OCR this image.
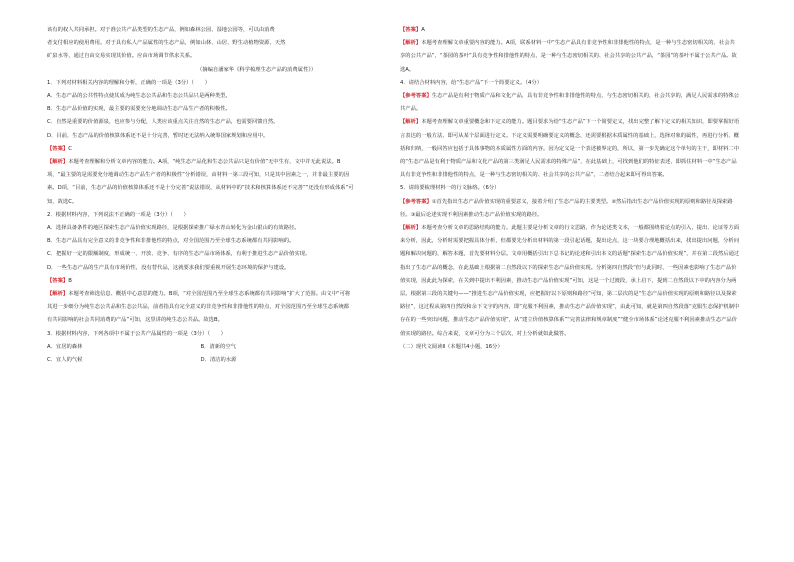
该有的权人共同承担。对于准公共产品类型的生态产品，例如森林公园、湿地公园等，可以由消费

者支付相应的使用费用。对于具有私人产品属性的生态产品，例如山林、山居、野生动植物资源、天然

矿泉水等，通过自由交易实现其价值。应由市场调节供求关系。

（摘编自潘家华《科学梳理生态产品的消费属性》）

1．下列对材料相关内容的理解和分析，正确的一项是（3分）（　　）

A．生态产品的公共性特点使其成为纯生态公共品和生态公共品只是两种类型。

B．生态产品价值的实现，最主要的需要充分地调动生态产品生产者的积极性。

C．自然是重要的价值源泉，也应参与分配，人类应该重点关注自然的生态产品，也需要回馈自然。

D．目前，生态产品的价值核算体系还不是十分完善，暂时还无法纳入统筹国家规划和应用中。

【答案】C

【解析】本题考查理解和分析文章内容的能力。A项，“纯生态产品化和生态公共品只是有价值”无中生有，文中并无此说法。B项，“最主要的是需要充分地调动生态产品生产者的积极性”分析错误，由材料一第三段可知，只是其中因素之一，并非最主要的因素。D项，“目前，生态产品的价值核算体系还不是十分完善”说法错误，从材料中的“技术和核算体系还不完善”“还没有形成体系”可知，故选C。

2．根据材料内容，下列说法不正确的一项是（3分）（　　）

A．选择具备条件的地区探索生态产品价值实现路径，是根据探索推广绿水青山转化为金山银山的有效路径。

B．生态产品具有完全意义的非竞争性和非排他性的特点，对全国范围乃至全球生态系统都有共同影响的。

C．把握好一定的限额制度，形成统一、开放、竞争、有序的生态产品市场体系，有利于推进生态产品价值实现。

D．一些生态产品的生产具有市场价性，没有替代品，这就要求我们要重视开展生态环境的保护与建设。

【答案】B

【解析】本题考查筛选信息、概括中心意思的能力。B项，“对全国范围乃至全球生态系统都有共同影响”扩大了范围。由文中“可将其进一步细分为纯生态公共品和生态公共品，前者指具有完全意义的非竞争性和非排他性的特点，对全国范围乃至全球生态系统都有共同影响的社会共同消费的产品”可知，这里讲的纯生态公共品。故选B。

3．根据材料内容，下列各项中不属于公共产品属性的一项是（3分）（　　）

A．宜居的森林	B．清新的空气
C．宜人的气候	D．清洁的水源

【答案】A

【解析】本题考查理解文章重要内容的能力。A项，联系材料一中“生态产品具有非竞争性和非排他性的特点，是一种与生态密切相关的、社会共享的公共产品”，“茶园的茶叶”具有竞争性和排他性的特点，是一种与生态密切相关的、社会共享的公共产品，“茶园”的茶叶不属于公共产品。故选A。

4．请结合材料内容，给“生态产品”下一个简要定义。（4分）

【参考答案】生态产品是有利于物质产品和文化产品，具有非竞争性和非排他性的特点，与生态密切相关的，社会共享的，满足人民需求的特殊公共产品。

【解析】本题考查理解文章重要概念和下定义的能力。题目要求为给“生态产品”下一个简要定义，找出完整了解下定义的相关知识，即要掌握好语言表达的一般方法，即可从某个层面进行定义。下定义需要明确要定义的概念，还需要根据本质属性的基础上，选择对象的属性，再进行分析、概括和归纳，一般回答应包括于具体事物的本质属性方面的内容。因为定义是一个表述被界定的，所以，第一步先确定这个单句的主干，即材料二中的“生态产品是有利于物质产品和文化产品的第三类满足人民需求的特殊产品”，在此基础上，可找到他们的特征表述，即抓住材料一中“生态产品具有非竞争性和非排他性的特点，是一种与生态密切相关的、社会共享的公共产品”，二者结合起来即可得出答案。

5．请简要梳理材料一的行文脉络。（6分）

【参考答案】①首先指出生态产品价值实现的重要意义，接着介绍了生态产品的主要类型。②然后指出生态产品价值实现的原则和路径及探索路径。③最后论述实现不利因素推动生态产品价值实现的路径。

【解析】本题考查分析文章的思路结构的能力。此题主要是分析文章的行文思路，作为论述类文本，一般都围绕着论点的引入，提出、论证等方面来分析，因此，分析时需要把握具体分析，但都要先分析出材料的第一段引起话题，提出论点，这一块要合理地概括出来，找出提出问题，分析问题和解决问题的，解答本题，首先要材料分层。文章用概括引出下总书记的论述和引出本文的话题“探索生态产品价值实现”，并在第二段然后通过指出了生态产品的概念，在此基础上根据第二自然段以下的探索生态产品价值实现。分析第四自然段“但与此同时，一些因素也影响了生态产品价值实现，因此此为探索，在关到中提出不利因素，推动生态产品价值实现”可知，这是一个过渡段，承上启下，提到二自然段以下中的内容分为两层。根据第三段的关键句——“推进生态产品价值实现，应把握好以下原则和路径”可知，第二层次的是“生态产品价值实现的原则和路径以及探索路径”，这过程从第四自然段和余下文字的内容，即“克服不利因素，推动生态产品价值实现”，由此可知，就是第四自然段落“克服生态保护机制中存在的一些突出问题，推动生态产品价值实现”，从“建立价值核算体系”“完善法律和规章制度”“健全市场体系”论述克服不利因素推动生态产品价值实现的路径。综合来说，文章可分为三个层次，对上分析就如此做答。

（二）现代文阅读Ⅱ（本题共4小题，16分）
